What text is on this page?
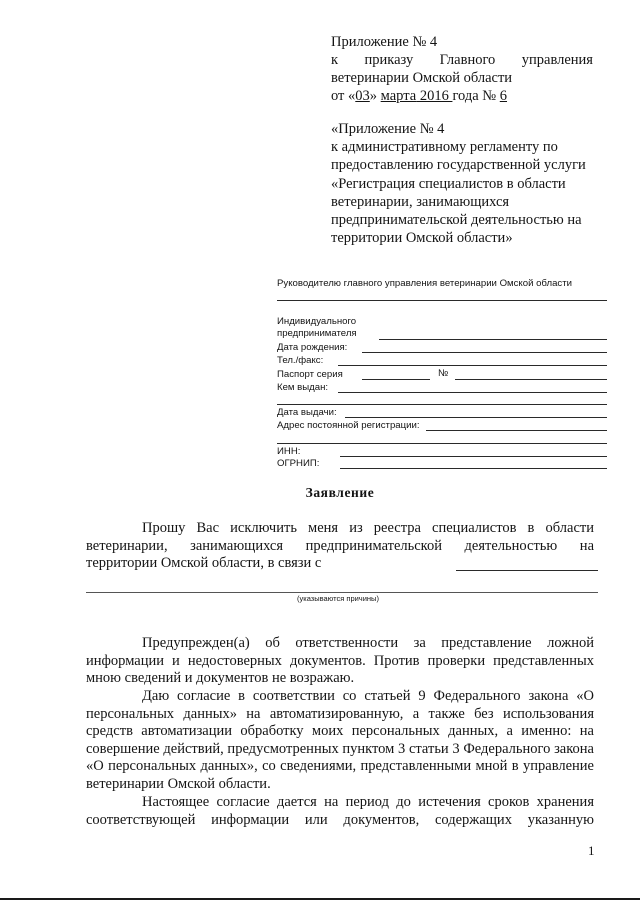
Приложение № 4
к приказу Главного управления
ветеринарии Омской области
от «03» марта 2016 года № 6
«Приложение № 4
к административному регламенту по
предоставлению государственной услуги
«Регистрация специалистов в области
ветеринарии, занимающихся
предпринимательской деятельностью на
территории Омской области»
Руководителю главного управления ветеринарии Омской области
Индивидуального
предпринимателя
Дата рождения:
Тел./факс:
Паспорт серия	№
Кем выдан:
Дата выдачи:
Адрес постоянной регистрации:
ИНН:
ОГРНИП:
Заявление
Прошу Вас исключить меня из реестра специалистов в области
ветеринарии, занимающихся предпринимательской деятельностью на
территории Омской области, в связи с
(указываются причины)
Предупрежден(а) об ответственности за представление ложной информации и недостоверных документов. Против проверки представленных мною сведений и документов не возражаю.
Даю согласие в соответствии со статьей 9 Федерального закона «О персональных данных» на автоматизированную, а также без использования средств автоматизации обработку моих персональных данных, а именно: на совершение действий, предусмотренных пунктом 3 статьи 3 Федерального закона «О персональных данных», со сведениями, представленными мной в управление ветеринарии Омской области.
Настоящее согласие дается на период до истечения сроков хранения соответствующей информации или документов, содержащих указанную
1
